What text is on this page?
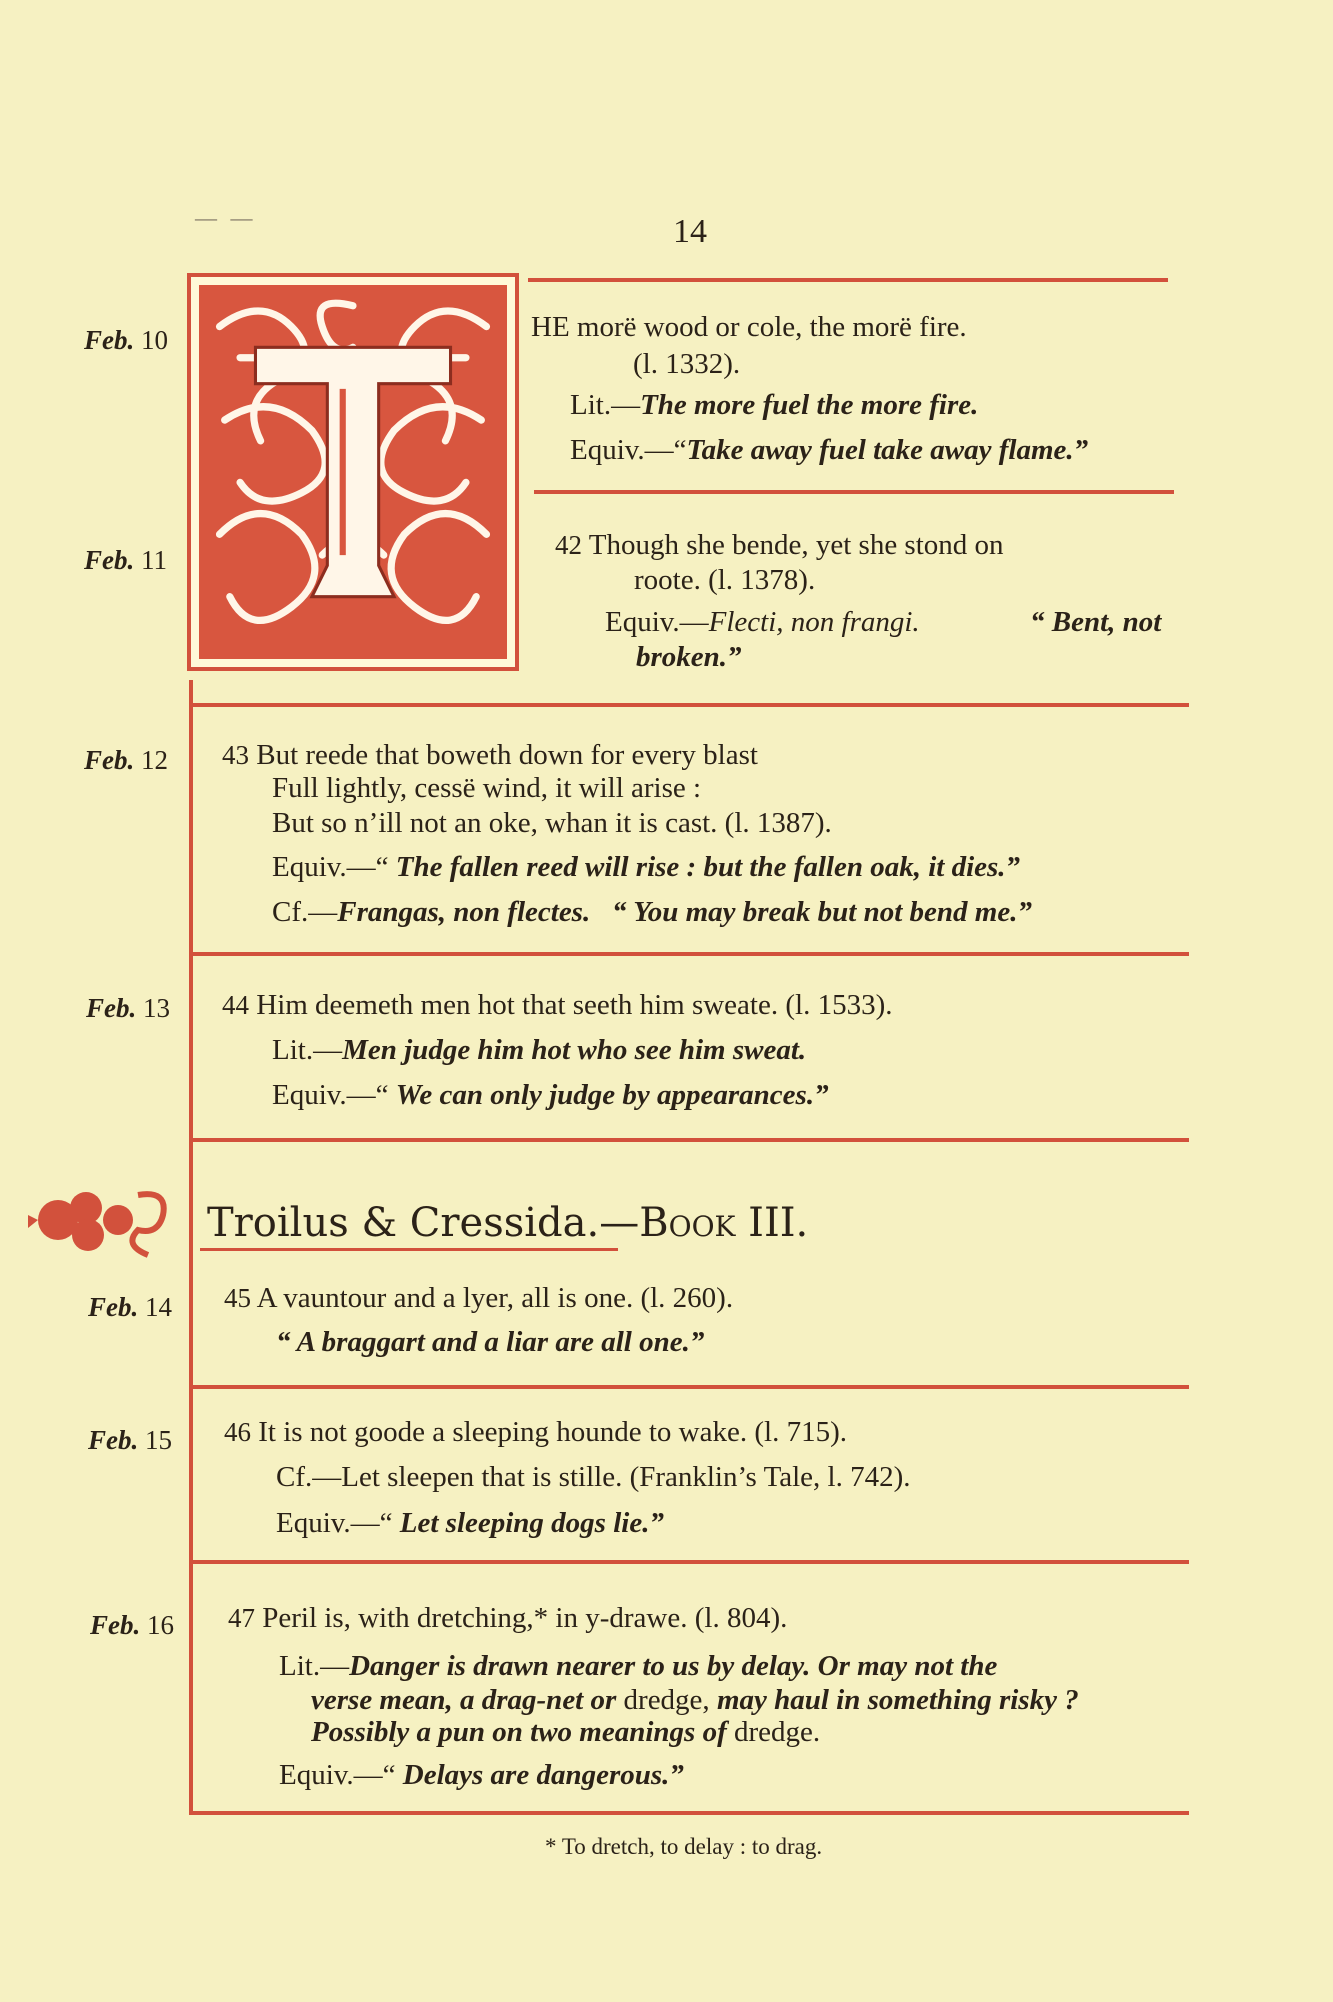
— —	14
Feb. 10
Feb. 11
Feb. 12
Feb. 13
Feb. 14
Feb. 15
Feb. 16
HE morë wood or cole, the morë fire.
(l. 1332).
Lit.—The more fuel the more fire.
Equiv.—“Take away fuel take away flame.”
42 Though she bende, yet she stond on
roote. (l. 1378).
Equiv.—Flecti, non frangi.	“ Bent, not
broken.”
43 But reede that boweth down for every blast
Full lightly, cessë wind, it will arise :
But so n’ill not an oke, whan it is cast. (l. 1387).
Equiv.—“ The fallen reed will rise : but the fallen oak, it dies.”
Cf.—Frangas, non flectes. “ You may break but not bend me.”
44 Him deemeth men hot that seeth him sweate. (l. 1533).
Lit.—Men judge him hot who see him sweat.
Equiv.—“ We can only judge by appearances.”
Troilus & Cressida.—Book III.
45 A vauntour and a lyer, all is one. (l. 260).
“ A braggart and a liar are all one.”
46 It is not goode a sleeping hounde to wake. (l. 715).
Cf.—Let sleepen that is stille. (Franklin’s Tale, l. 742).
Equiv.—“ Let sleeping dogs lie.”
47 Peril is, with dretching,* in y-drawe. (l. 804).
Lit.—Danger is drawn nearer to us by delay. Or may not the
verse mean, a drag-net or dredge, may haul in something risky ?
Possibly a pun on two meanings of dredge.
Equiv.—“ Delays are dangerous.”
* To dretch, to delay : to drag.
